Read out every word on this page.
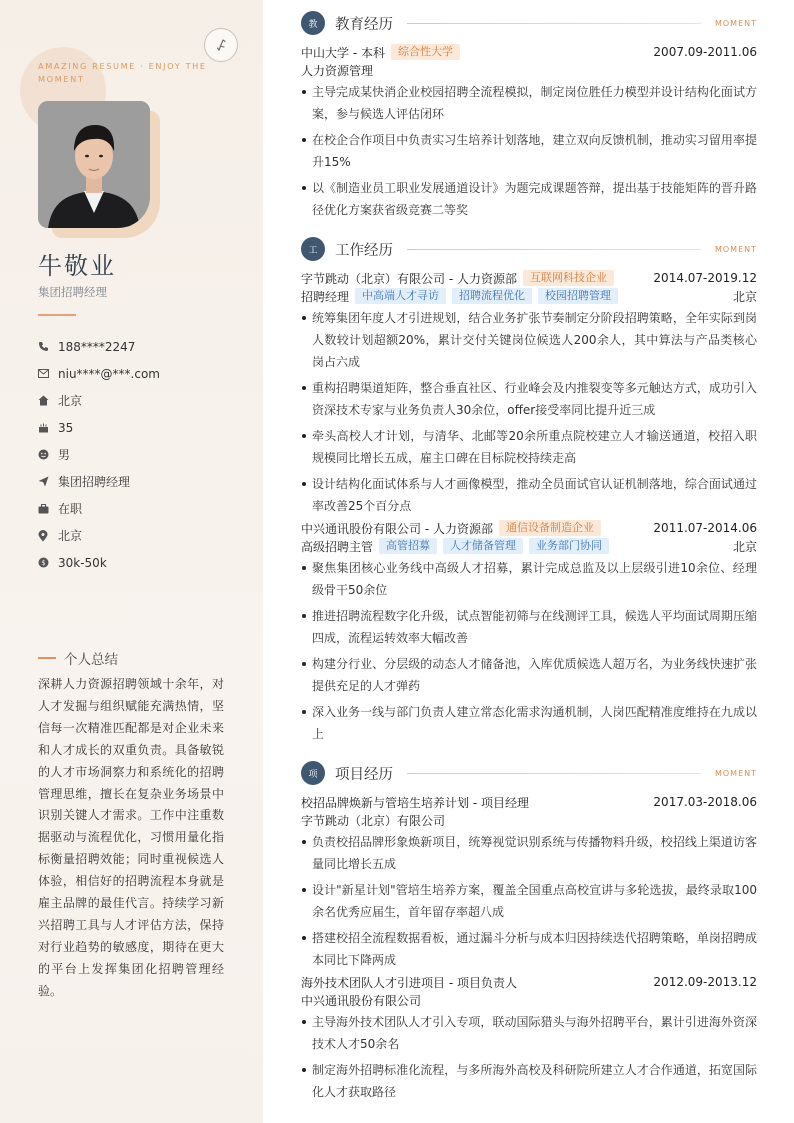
AMAZING RESUME · ENJOY THE MOMENT
牛敬业
集团招聘经理
188****2247
niu****@***.com
北京
35
男
集团招聘经理
在职
北京
$ 30k-50k
个人总结
深耕人力资源招聘领域十余年，对人才发掘与组织赋能充满热情，坚信每一次精准匹配都是对企业未来和人才成长的双重负责。具备敏锐的人才市场洞察力和系统化的招聘管理思维，擅长在复杂业务场景中识别关键人才需求。工作中注重数据驱动与流程优化，习惯用量化指标衡量招聘效能；同时重视候选人体验，相信好的招聘流程本身就是雇主品牌的最佳代言。持续学习新兴招聘工具与人才评估方法，保持对行业趋势的敏感度，期待在更大的平台上发挥集团化招聘管理经验。
教	教育经历	MOMENT
中山大学 - 本科	综合性大学	2007.09-2011.06
人力资源管理
主导完成某快消企业校园招聘全流程模拟，制定岗位胜任力模型并设计结构化面试方案，参与候选人评估闭环
在校企合作项目中负责实习生培养计划落地，建立双向反馈机制，推动实习留用率提升15%
以《制造业员工职业发展通道设计》为题完成课题答辩，提出基于技能矩阵的晋升路径优化方案获省级竞赛二等奖
工	工作经历	MOMENT
字节跳动（北京）有限公司 - 人力资源部	互联网科技企业	2014.07-2019.12
招聘经理	中高端人才寻访	招聘流程优化	校园招聘管理	北京
统筹集团年度人才引进规划，结合业务扩张节奏制定分阶段招聘策略，全年实际到岗人数较计划超额20%，累计交付关键岗位候选人200余人，其中算法与产品类核心岗占六成
重构招聘渠道矩阵，整合垂直社区、行业峰会及内推裂变等多元触达方式，成功引入资深技术专家与业务负责人30余位，offer接受率同比提升近三成
牵头高校人才计划，与清华、北邮等20余所重点院校建立人才输送通道，校招入职规模同比增长五成，雇主口碑在目标院校持续走高
设计结构化面试体系与人才画像模型，推动全员面试官认证机制落地，综合面试通过率改善25个百分点
中兴通讯股份有限公司 - 人力资源部	通信设备制造企业	2011.07-2014.06
高级招聘主管	高管招募	人才储备管理	业务部门协同	北京
聚焦集团核心业务线中高级人才招募，累计完成总监及以上层级引进10余位、经理级骨干50余位
推进招聘流程数字化升级，试点智能初筛与在线测评工具，候选人平均面试周期压缩四成，流程运转效率大幅改善
构建分行业、分层级的动态人才储备池，入库优质候选人超万名，为业务线快速扩张提供充足的人才弹药
深入业务一线与部门负责人建立常态化需求沟通机制，人岗匹配精准度维持在九成以上
项	项目经历	MOMENT
校招品牌焕新与管培生培养计划 - 项目经理	2017.03-2018.06
字节跳动（北京）有限公司
负责校招品牌形象焕新项目，统筹视觉识别系统与传播物料升级，校招线上渠道访客量同比增长五成
设计"新星计划"管培生培养方案，覆盖全国重点高校宣讲与多轮选拔，最终录取100余名优秀应届生，首年留存率超八成
搭建校招全流程数据看板，通过漏斗分析与成本归因持续迭代招聘策略，单岗招聘成本同比下降两成
海外技术团队人才引进项目 - 项目负责人	2012.09-2013.12
中兴通讯股份有限公司
主导海外技术团队人才引入专项，联动国际猎头与海外招聘平台，累计引进海外资深技术人才50余名
制定海外招聘标准化流程，与多所海外高校及科研院所建立人才合作通道，拓宽国际化人才获取路径
